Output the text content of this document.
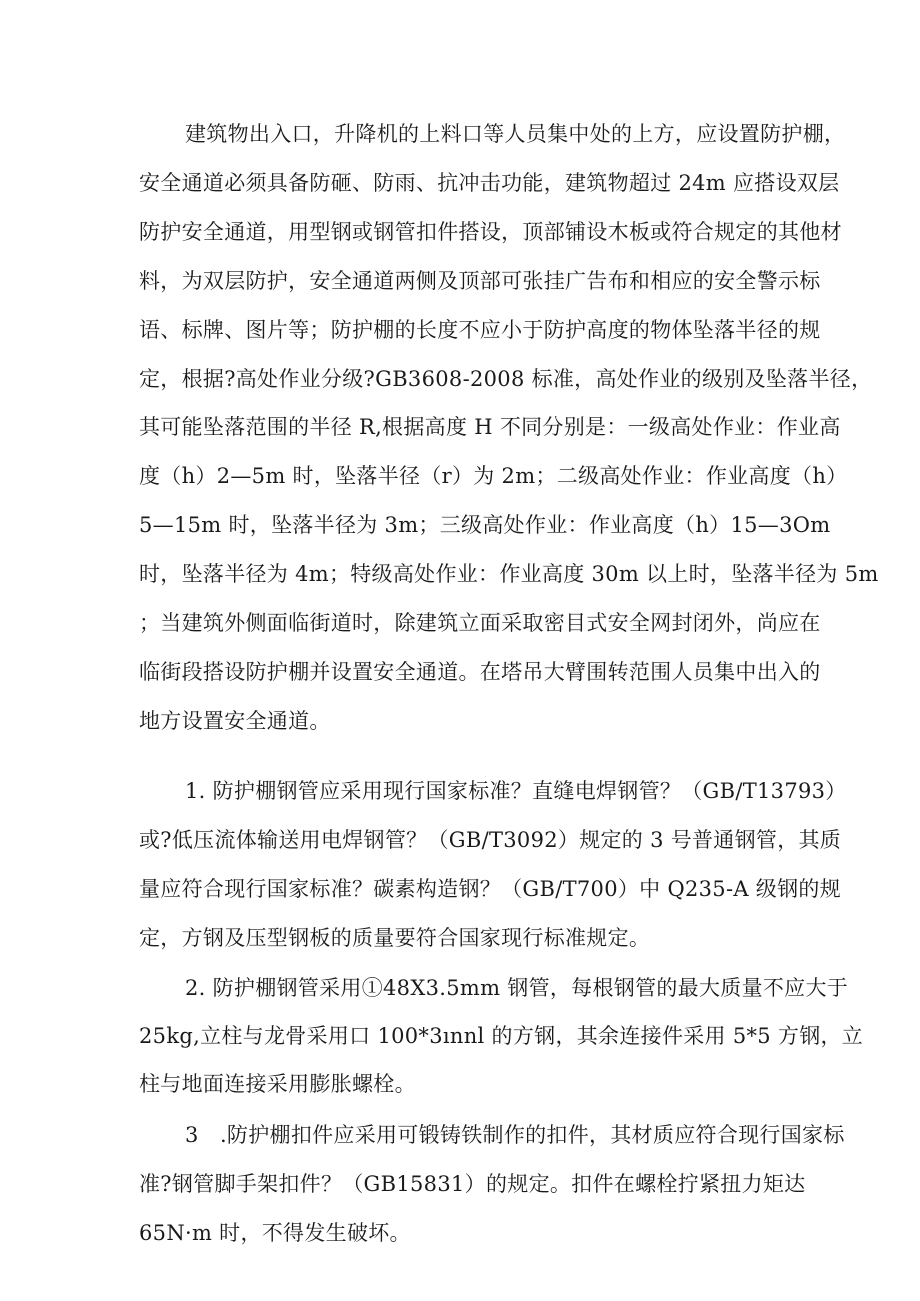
建筑物出入口，升降机的上料口等人员集中处的上方，应设置防护棚，
安全通道必须具备防砸、防雨、抗冲击功能，建筑物超过 24m 应搭设双层
防护安全通道，用型钢或钢管扣件搭设，顶部铺设木板或符合规定的其他材
料，为双层防护，安全通道两侧及顶部可张挂广告布和相应的安全警示标
语、标牌、图片等；防护棚的长度不应小于防护高度的物体坠落半径的规
定，根据?高处作业分级?GB3608-2008 标准，高处作业的级别及坠落半径，
其可能坠落范围的半径 R,根据高度 H 不同分别是：一级高处作业：作业高
度（h）2—5m 时，坠落半径（r）为 2m；二级高处作业：作业高度（h）
5—15m 时，坠落半径为 3m；三级高处作业：作业高度（h）15—3Om
时，坠落半径为 4m；特级高处作业：作业高度 30m 以上时，坠落半径为 5m
；当建筑外侧面临街道时，除建筑立面采取密目式安全网封闭外，尚应在
临街段搭设防护棚并设置安全通道。在塔吊大臂围转范围人员集中出入的
地方设置安全通道。
1. 防护棚钢管应采用现行国家标准？直缝电焊钢管？（GB/T13793）
或?低压流体输送用电焊钢管？（GB/T3092）规定的 3 号普通钢管，其质
量应符合现行国家标准？碳素构造钢？（GB/T700）中 Q235-A 级钢的规
定，方钢及压型钢板的质量要符合国家现行标准规定。
2. 防护棚钢管采用①48X3.5mm 钢管，每根钢管的最大质量不应大于
25kg,立柱与龙骨采用口 100*3ınnl 的方钢，其余连接件采用 5*5 方钢，立
柱与地面连接采用膨胀螺栓。
3　.防护棚扣件应采用可锻铸铁制作的扣件，其材质应符合现行国家标
准?钢管脚手架扣件？（GB15831）的规定。扣件在螺栓拧紧扭力矩达
65N·m 时，不得发生破坏。
